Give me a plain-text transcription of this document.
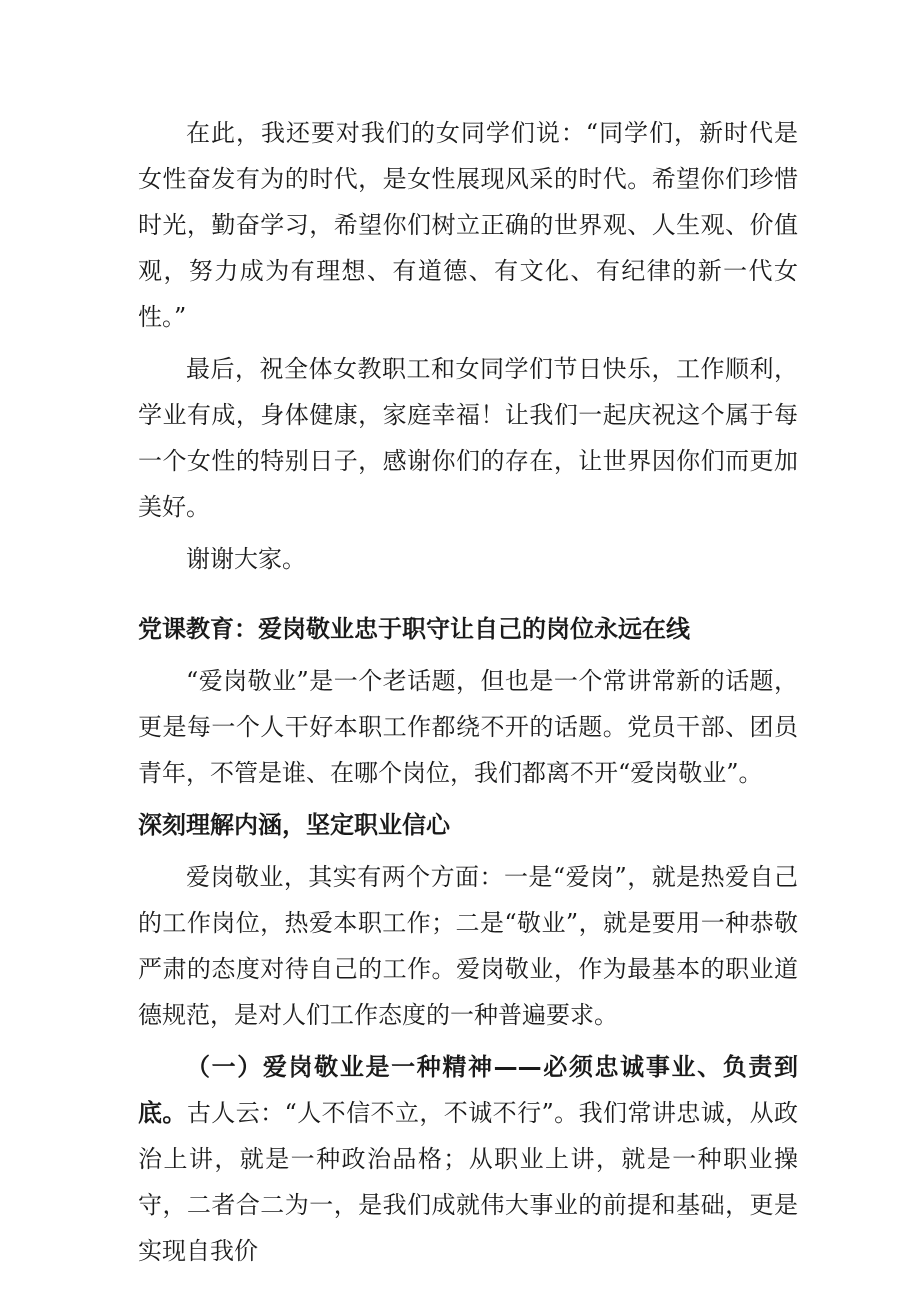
在此，我还要对我们的女同学们说：“同学们，新时代是女性奋发有为的时代，是女性展现风采的时代。希望你们珍惜时光，勤奋学习，希望你们树立正确的世界观、人生观、价值观，努力成为有理想、有道德、有文化、有纪律的新一代女性。”

最后，祝全体女教职工和女同学们节日快乐，工作顺利，学业有成，身体健康，家庭幸福！让我们一起庆祝这个属于每一个女性的特别日子，感谢你们的存在，让世界因你们而更加美好。

谢谢大家。

党课教育：爱岗敬业忠于职守让自己的岗位永远在线

“爱岗敬业”是一个老话题，但也是一个常讲常新的话题，更是每一个人干好本职工作都绕不开的话题。党员干部、团员青年，不管是谁、在哪个岗位，我们都离不开“爱岗敬业”。

深刻理解内涵，坚定职业信心

爱岗敬业，其实有两个方面：一是“爱岗”，就是热爱自己的工作岗位，热爱本职工作；二是“敬业”，就是要用一种恭敬严肃的态度对待自己的工作。爱岗敬业，作为最基本的职业道德规范，是对人们工作态度的一种普遍要求。

（一）爱岗敬业是一种精神——必须忠诚事业、负责到底。古人云：“人不信不立，不诚不行”。我们常讲忠诚，从政治上讲，就是一种政治品格；从职业上讲，就是一种职业操守，二者合二为一，是我们成就伟大事业的前提和基础，更是实现自我价
